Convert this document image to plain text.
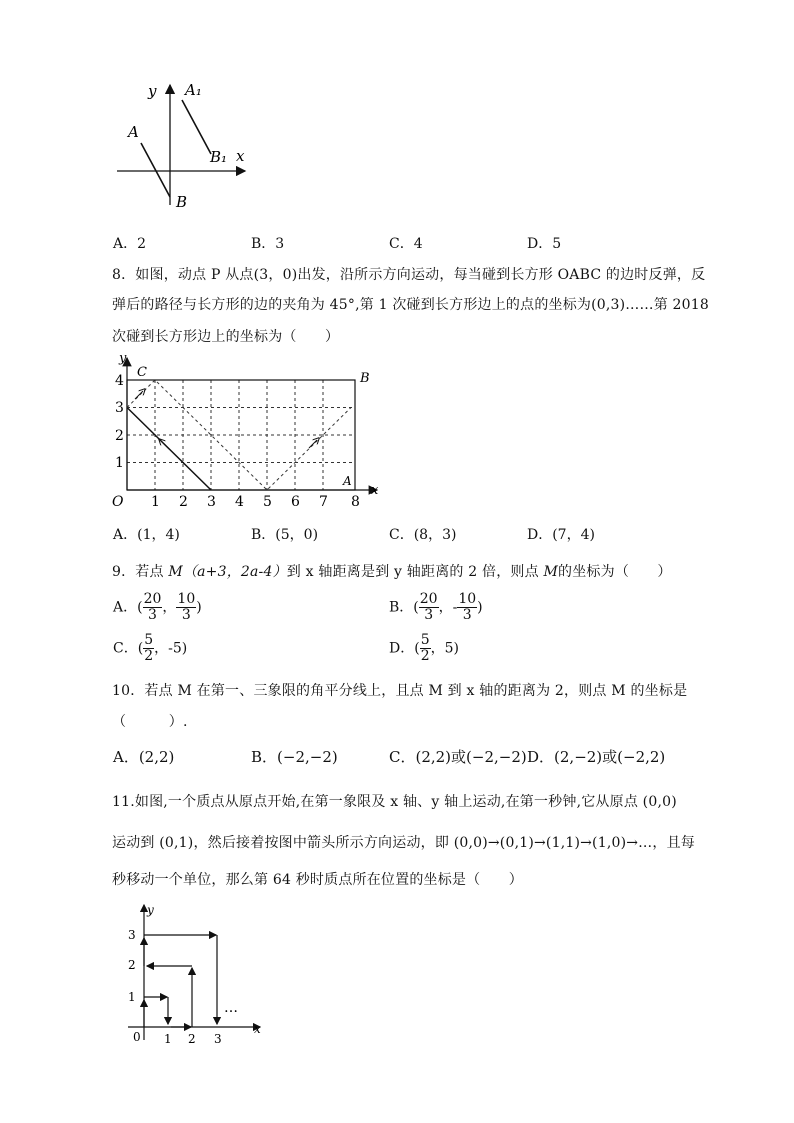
y
x
A₁
A
B₁
B
A．2	B．3	C．4	D．5
8．如图，动点 P 从点(3，0)出发，沿所示方向运动，每当碰到长方形 OABC 的边时反弹，反
弹后的路径与长方形的边的夹角为 45°,第 1 次碰到长方形边上的点的坐标为(0,3)……第 2018
次碰到长方形边上的坐标为（　　）
y
x
C	B
O
A
1
2
3
4
1 2 3 4 5 6 7 8
A．(1，4)	B．(5，0)	C．(8，3)	D．(7，4)
9．若点 M（a+3，2a-4）到 x 轴距离是到 y 轴距离的 2 倍，则点 M的坐标为（　　）
A．( $\frac{20}{3}$ ， $\frac{10}{3}$ )	B．( $\frac{20}{3}$ ，- $\frac{10}{3}$ )
C．( $\frac{5}{2}$ ，-5)	D．( $\frac{5}{2}$ ，5)
10．若点 M 在第一、三象限的角平分线上，且点 M 到 x 轴的距离为 2，则点 M 的坐标是
（　　　）.
A．(2,2)	B．(−2,−2)	C．(2,2)或(−2,−2) D．(2,−2)或(−2,2)
11.如图,一个质点从原点开始,在第一象限及 x 轴、y 轴上运动,在第一秒钟,它从原点 (0,0)
运动到 (0,1)，然后接着按图中箭头所示方向运动，即 (0,0)→(0,1)→(1,1)→(1,0)→…，且每
秒移动一个单位，那么第 64 秒时质点所在位置的坐标是（　　）
y
x
…
1
2
3
0 1 2 3
